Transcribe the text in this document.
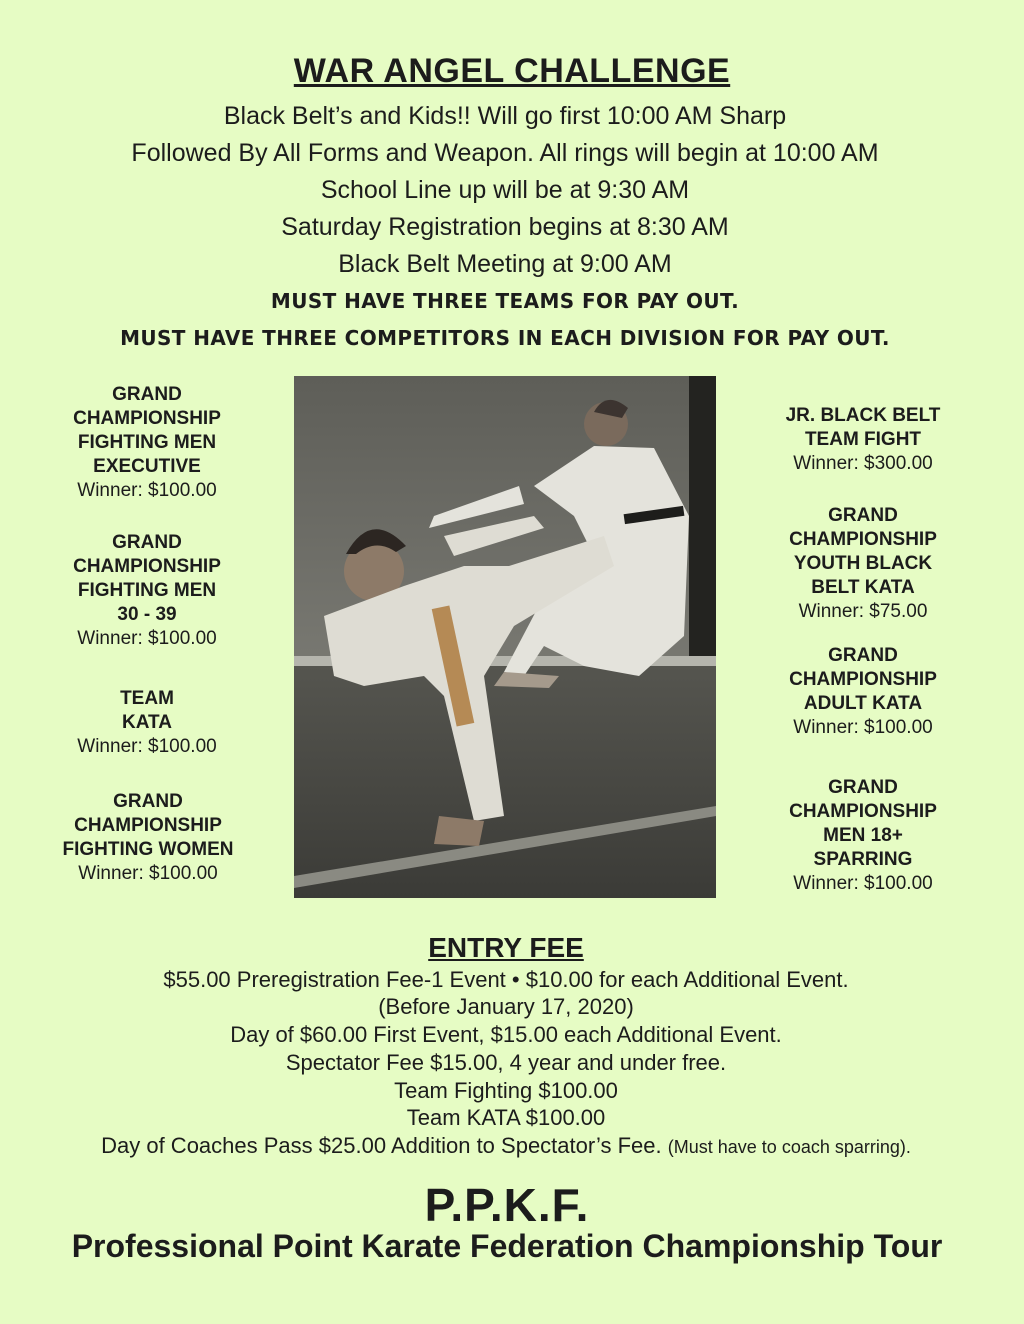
WAR ANGEL CHALLENGE
Black Belt’s and Kids!! Will go first 10:00 AM Sharp
Followed By All Forms and Weapon. All rings will begin at 10:00 AM
School Line up will be at 9:30 AM
Saturday Registration begins at 8:30 AM
Black Belt Meeting at 9:00 AM
MUST HAVE THREE TEAMS FOR PAY OUT.
MUST HAVE THREE COMPETITORS IN EACH DIVISION FOR PAY OUT.
GRAND
CHAMPIONSHIP
FIGHTING MEN
EXECUTIVE
Winner: $100.00
GRAND
CHAMPIONSHIP
FIGHTING MEN
30 - 39
Winner: $100.00
TEAM
KATA
Winner: $100.00
GRAND
CHAMPIONSHIP
FIGHTING WOMEN
Winner: $100.00
JR. BLACK BELT
TEAM FIGHT
Winner: $300.00
GRAND
CHAMPIONSHIP
YOUTH BLACK
BELT KATA
Winner: $75.00
GRAND
CHAMPIONSHIP
ADULT KATA
Winner: $100.00
GRAND
CHAMPIONSHIP
MEN 18+
SPARRING
Winner: $100.00
ENTRY FEE
$55.00 Preregistration Fee-1 Event • $10.00 for each Additional Event.
(Before January 17, 2020)
Day of $60.00 First Event, $15.00 each Additional Event.
Spectator Fee $15.00, 4 year and under free.
Team Fighting $100.00
Team KATA $100.00
Day of Coaches Pass $25.00 Addition to Spectator’s Fee. (Must have to coach sparring).
P.P.K.F.
Professional Point Karate Federation Championship Tour
